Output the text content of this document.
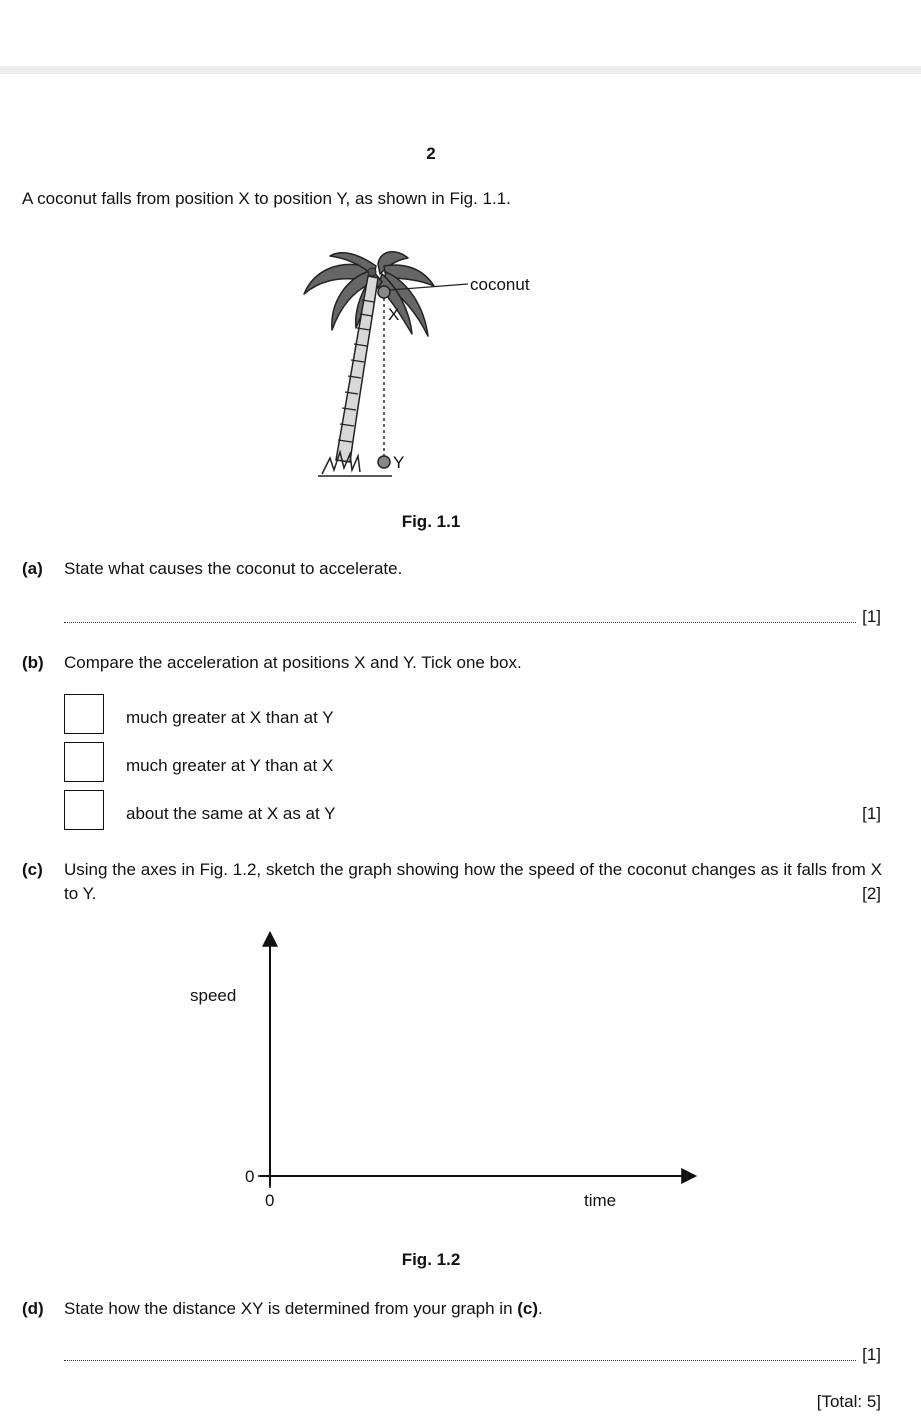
2
A coconut falls from position X to position Y, as shown in Fig. 1.1.
coconut
X
Y
Fig. 1.1
(a) State what causes the coconut to accelerate.
[1]
(b) Compare the acceleration at positions X and Y. Tick one box.
much greater at X than at Y
much greater at Y than at X
about the same at X as at Y	[1]
(c) Using the axes in Fig. 1.2, sketch the graph showing how the speed of the coconut changes as it falls from X to Y.	[2]
speed
time
0
0
Fig. 1.2
(d) State how the distance XY is determined from your graph in (c).
[1]
[Total: 5]
